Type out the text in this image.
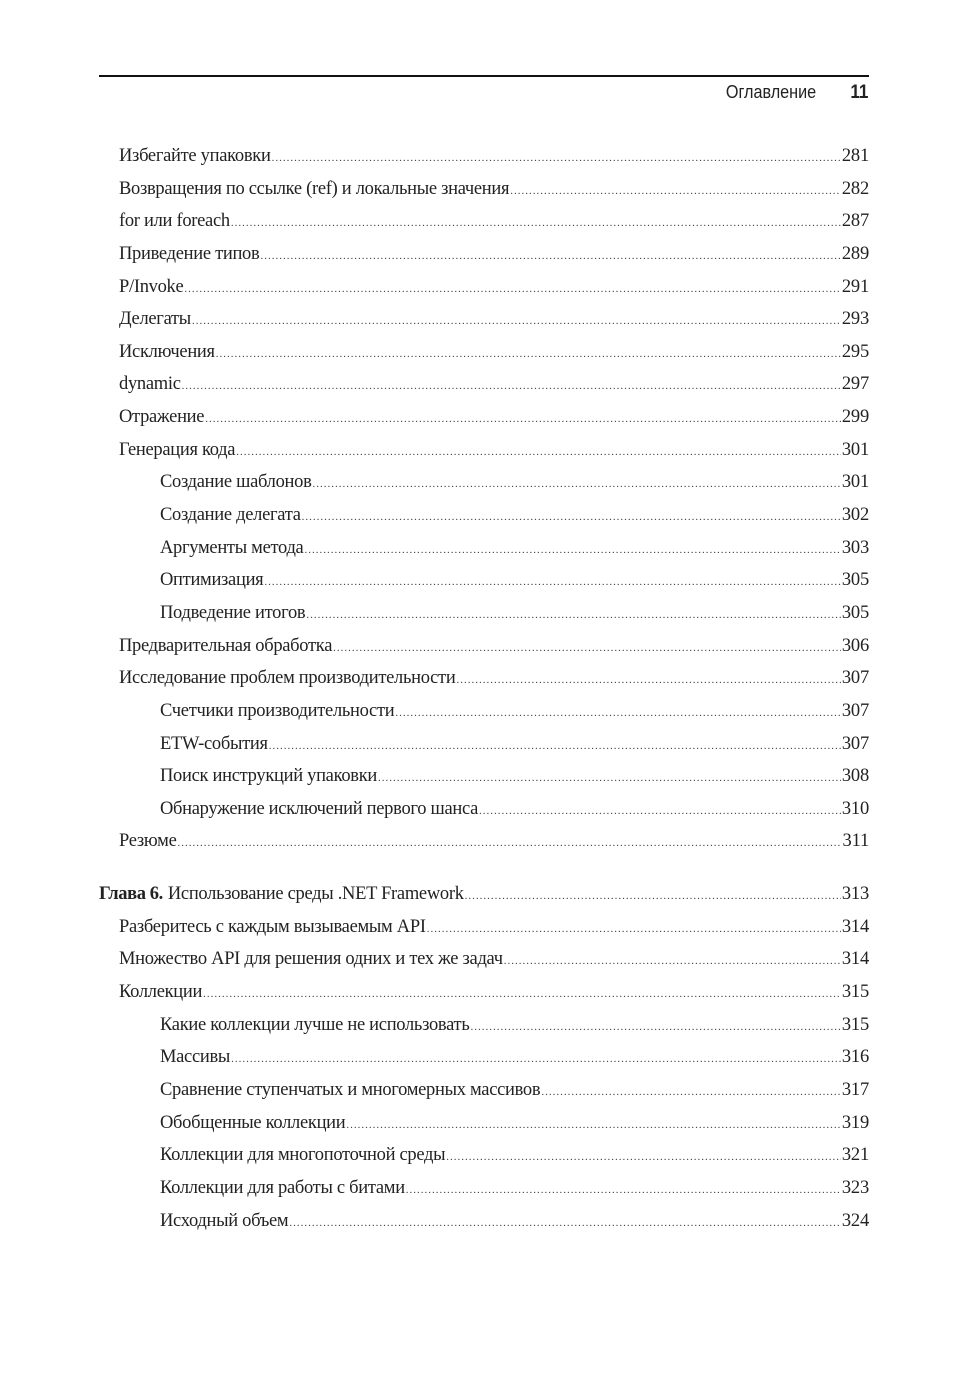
Оглавление 11
Избегайте упаковки .....	281
Возвращения по ссылке (ref) и локальные значения .....	282
for или foreach .....	287
Приведение типов .....	289
P/Invoke .....	291
Делегаты .....	293
Исключения .....	295
dynamic .....	297
Отражение .....	299
Генерация кода .....	301
Создание шаблонов .....	301
Создание делегата .....	302
Аргументы метода .....	303
Оптимизация .....	305
Подведение итогов .....	305
Предварительная обработка .....	306
Исследование проблем производительности .....	307
Счетчики производительности .....	307
ETW-события .....	307
Поиск инструкций упаковки .....	308
Обнаружение исключений первого шанса .....	310
Резюме .....	311
Глава 6. Использование среды .NET Framework .....	313
Разберитесь с каждым вызываемым API .....	314
Множество API для решения одних и тех же задач .....	314
Коллекции .....	315
Какие коллекции лучше не использовать .....	315
Массивы .....	316
Сравнение ступенчатых и многомерных массивов .....	317
Обобщенные коллекции .....	319
Коллекции для многопоточной среды .....	321
Коллекции для работы с битами .....	323
Исходный объем .....	324
